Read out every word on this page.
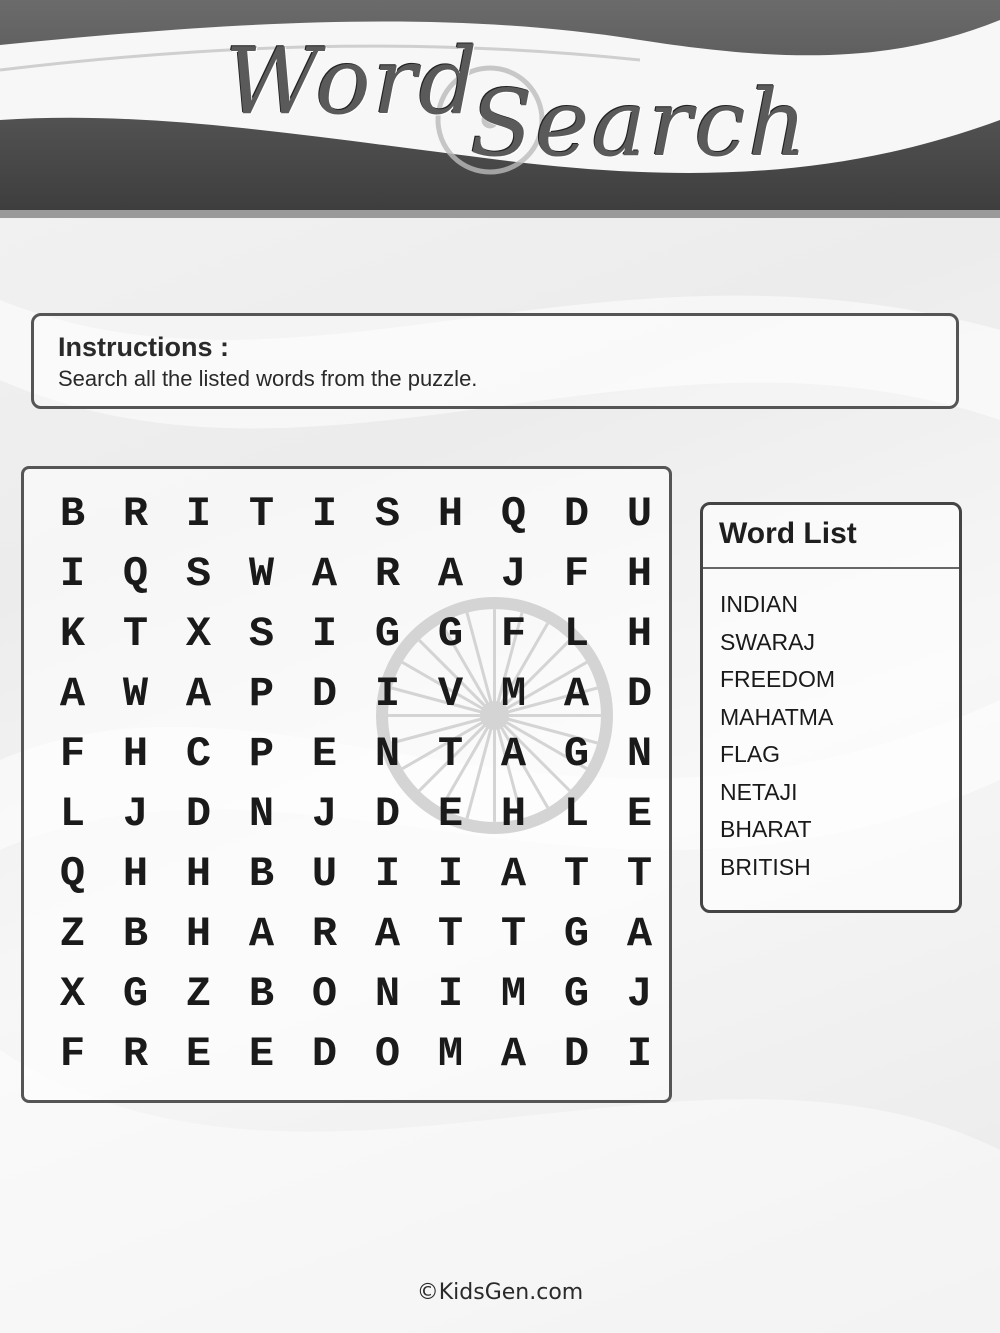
Word
Search
Instructions :
Search all the listed words from the puzzle.
B R I T I S H Q D U
I Q S W A R A J F H
K T X S I G G F L H
A W A P D I V M A D
F H C P E N T A G N
L J D N J D E H L E
Q H H B U I I A T T
Z B H A R A T T G A
X G Z B O N I M G J
F R E E D O M A D I
Word List
INDIAN
SWARAJ
FREEDOM
MAHATMA
FLAG
NETAJI
BHARAT
BRITISH
©KidsGen.com
